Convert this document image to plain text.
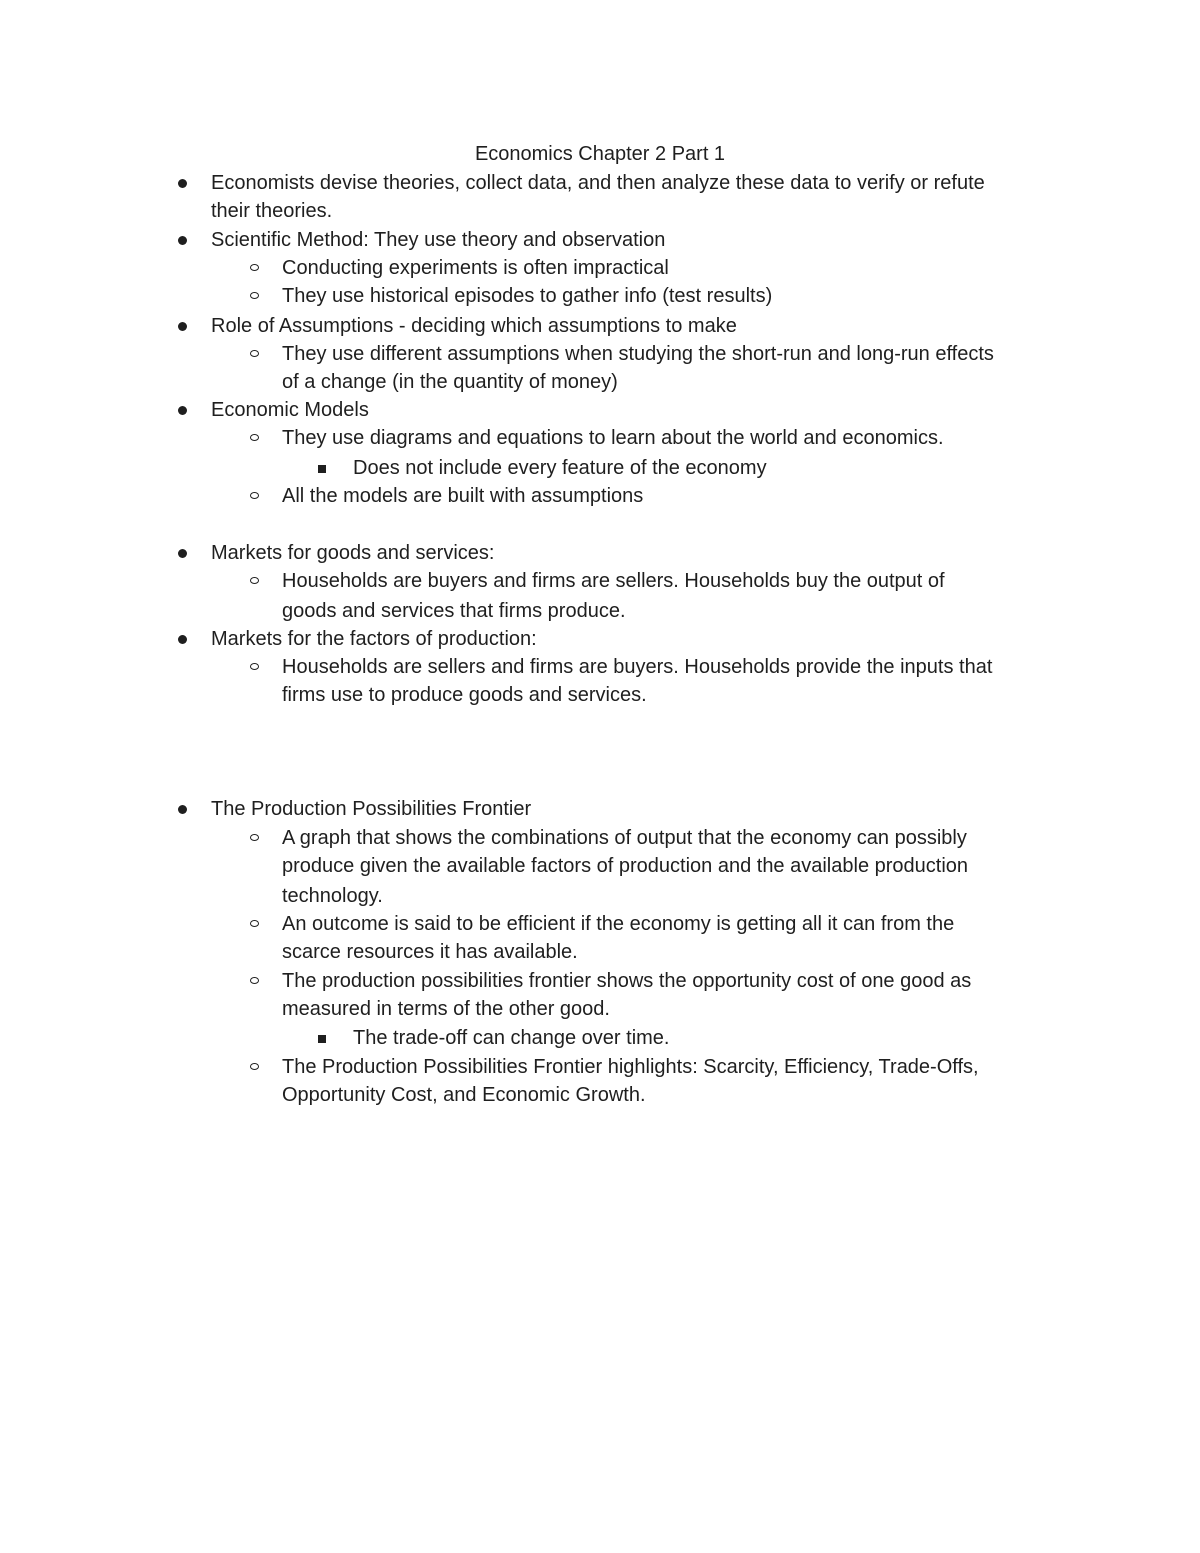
Economics Chapter 2 Part 1
Economists devise theories, collect data, and then analyze these data to verify or refute
their theories.
Scientific Method: They use theory and observation
Conducting experiments is often impractical
They use historical episodes to gather info (test results)
Role of Assumptions - deciding which assumptions to make
They use different assumptions when studying the short-run and long-run effects
of a change (in the quantity of money)
Economic Models
They use diagrams and equations to learn about the world and economics.
Does not include every feature of the economy
All the models are built with assumptions
Markets for goods and services:
Households are buyers and firms are sellers. Households buy the output of
goods and services that firms produce.
Markets for the factors of production:
Households are sellers and firms are buyers. Households provide the inputs that
firms use to produce goods and services.
The Production Possibilities Frontier
A graph that shows the combinations of output that the economy can possibly
produce given the available factors of production and the available production
technology.
An outcome is said to be efficient if the economy is getting all it can from the
scarce resources it has available.
The production possibilities frontier shows the opportunity cost of one good as
measured in terms of the other good.
The trade-off can change over time.
The Production Possibilities Frontier highlights: Scarcity, Efficiency, Trade-Offs,
Opportunity Cost, and Economic Growth.
